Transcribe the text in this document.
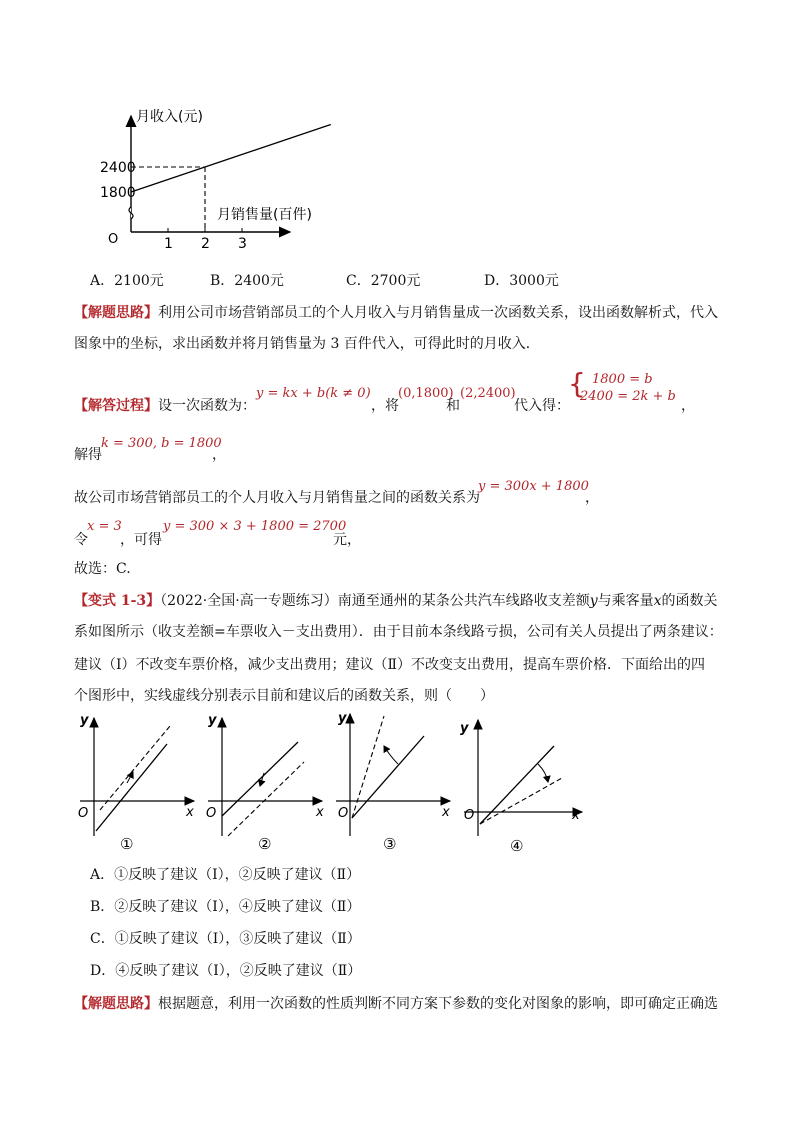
月收入(元)
月销售量(百件)
O
2400
1800
1 2 3
A．2100元	B．2400元	C．2700元	D．3000元
【解题思路】利用公司市场营销部员工的个人月收入与月销售量成一次函数关系，设出函数解析式，代入
图象中的坐标，求出函数并将月销售量为 3 百件代入，可得此时的月收入．
【解答过程】设一次函数为：
y = kx + b(k ≠ 0)
，将
(0,1800)
和
(2,2400)
代入得：
{ 1800 = b
2400 = 2k + b
，
解得
k = 300, b = 1800
，
故公司市场营销部员工的个人月收入与月销售量之间的函数关系为
y = 300x + 1800
，
令
x = 3
，可得
y = 300 × 3 + 1800 = 2700
元，
故选：C.
【变式 1-3】（2022·全国·高一专题练习）南通至通州的某条公共汽车线路收支差额y与乘客量x的函数关
系如图所示（收支差额=车票收入－支出费用）．由于目前本条线路亏损，公司有关人员提出了两条建议：
建议（Ⅰ）不改变车票价格，减少支出费用；建议（Ⅱ）不改变支出费用，提高车票价格．下面给出的四
个图形中，实线虚线分别表示目前和建议后的函数关系，则（　　）
y
x
O
①
y
x
O
②
y
x
O
③
y
x
O
④
A．①反映了建议（Ⅰ），②反映了建议（Ⅱ）
B．②反映了建议（Ⅰ），④反映了建议（Ⅱ）
C．①反映了建议（Ⅰ），③反映了建议（Ⅱ）
D．④反映了建议（Ⅰ），②反映了建议（Ⅱ）
【解题思路】根据题意，利用一次函数的性质判断不同方案下参数的变化对图象的影响，即可确定正确选
